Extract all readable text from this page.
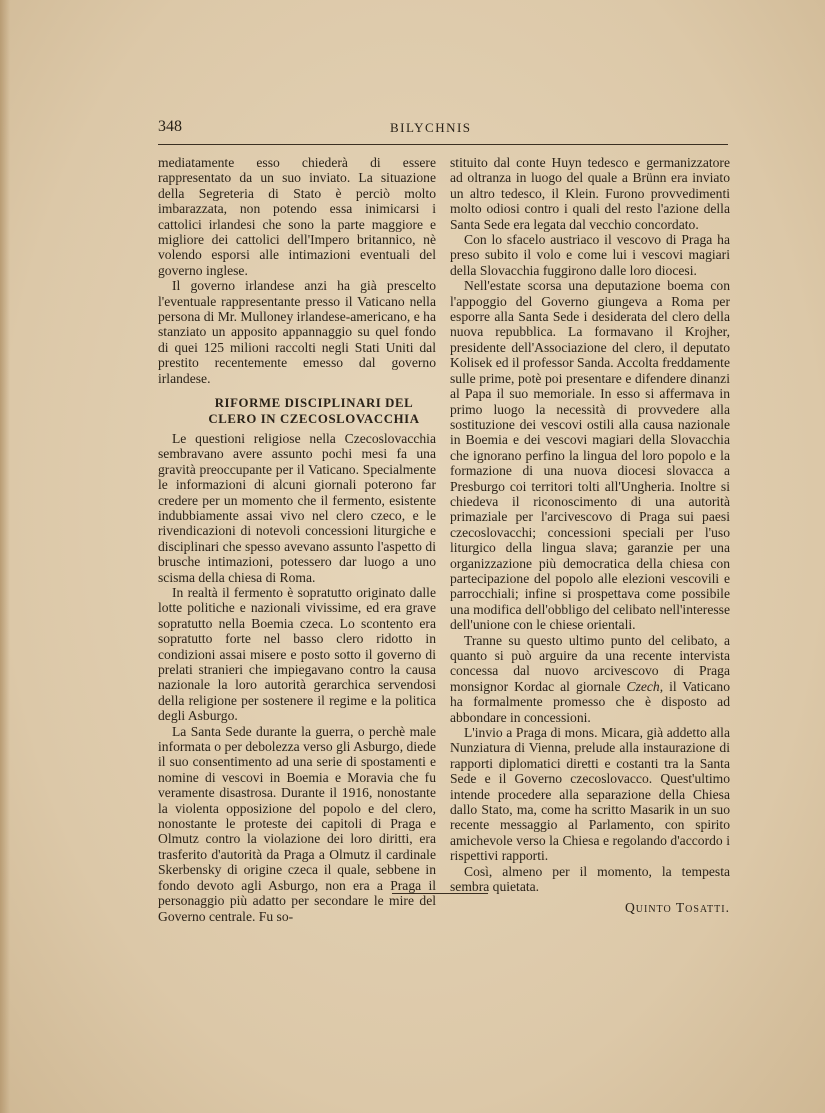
348	BILYCHNIS

mediatamente esso chiederà di essere rappresentato da un suo inviato. La situazione della Segreteria di Stato è perciò molto imbarazzata, non potendo essa inimicarsi i cattolici irlandesi che sono la parte maggiore e migliore dei cattolici dell'Impero britannico, nè volendo esporsi alle intimazioni eventuali del governo inglese.

Il governo irlandese anzi ha già prescelto l'eventuale rappresentante presso il Vaticano nella persona di Mr. Mulloney irlandese-americano, e ha stanziato un apposito appannaggio su quel fondo di quei 125 milioni raccolti negli Stati Uniti dal prestito recentemente emesso dal governo irlandese.

RIFORME DISCIPLINARI DEL
CLERO IN CZECOSLOVACCHIA

Le questioni religiose nella Czecoslovacchia sembravano avere assunto pochi mesi fa una gravità preoccupante per il Vaticano. Specialmente le informazioni di alcuni giornali poterono far credere per un momento che il fermento, esistente indubbiamente assai vivo nel clero czeco, e le rivendicazioni di notevoli concessioni liturgiche e disciplinari che spesso avevano assunto l'aspetto di brusche intimazioni, potessero dar luogo a uno scisma della chiesa di Roma.

In realtà il fermento è sopratutto originato dalle lotte politiche e nazionali vivissime, ed era grave sopratutto nella Boemia czeca. Lo scontento era sopratutto forte nel basso clero ridotto in condizioni assai misere e posto sotto il governo di prelati stranieri che impiegavano contro la causa nazionale la loro autorità gerarchica servendosi della religione per sostenere il regime e la politica degli Asburgo.

La Santa Sede durante la guerra, o perchè male informata o per debolezza verso gli Asburgo, diede il suo consentimento ad una serie di spostamenti e nomine di vescovi in Boemia e Moravia che fu veramente disastrosa. Durante il 1916, nonostante la violenta opposizione del popolo e del clero, nonostante le proteste dei capitoli di Praga e Olmutz contro la violazione dei loro diritti, era trasferito d'autorità da Praga a Olmutz il cardinale Skerbensky di origine czeca il quale, sebbene in fondo devoto agli Asburgo, non era a Praga il personaggio più adatto per secondare le mire del Governo centrale. Fu so-

stituito dal conte Huyn tedesco e germanizzatore ad oltranza in luogo del quale a Brünn era inviato un altro tedesco, il Klein. Furono provvedimenti molto odiosi contro i quali del resto l'azione della Santa Sede era legata dal vecchio concordato.

Con lo sfacelo austriaco il vescovo di Praga ha preso subito il volo e come lui i vescovi magiari della Slovacchia fuggirono dalle loro diocesi.

Nell'estate scorsa una deputazione boema con l'appoggio del Governo giungeva a Roma per esporre alla Santa Sede i desiderata del clero della nuova repubblica. La formavano il Krojher, presidente dell'Associazione del clero, il deputato Kolisek ed il professor Sanda. Accolta freddamente sulle prime, potè poi presentare e difendere dinanzi al Papa il suo memoriale. In esso si affermava in primo luogo la necessità di provvedere alla sostituzione dei vescovi ostili alla causa nazionale in Boemia e dei vescovi magiari della Slovacchia che ignorano perfino la lingua del loro popolo e la formazione di una nuova diocesi slovacca a Presburgo coi territori tolti all'Ungheria. Inoltre si chiedeva il riconoscimento di una autorità primaziale per l'arcivescovo di Praga sui paesi czecoslovacchi; concessioni speciali per l'uso liturgico della lingua slava; garanzie per una organizzazione più democratica della chiesa con partecipazione del popolo alle elezioni vescovili e parrocchiali; infine si prospettava come possibile una modifica dell'obbligo del celibato nell'interesse dell'unione con le chiese orientali.

Tranne su questo ultimo punto del celibato, a quanto si può arguire da una recente intervista concessa dal nuovo arcivescovo di Praga monsignor Kordac al giornale Czech, il Vaticano ha formalmente promesso che è disposto ad abbondare in concessioni.

L'invio a Praga di mons. Micara, già addetto alla Nunziatura di Vienna, prelude alla instaurazione di rapporti diplomatici diretti e costanti tra la Santa Sede e il Governo czecoslovacco. Quest'ultimo intende procedere alla separazione della Chiesa dallo Stato, ma, come ha scritto Masarik in un suo recente messaggio al Parlamento, con spirito amichevole verso la Chiesa e regolando d'accordo i rispettivi rapporti.

Così, almeno per il momento, la tempesta sembra quietata.

Quinto Tosatti.
